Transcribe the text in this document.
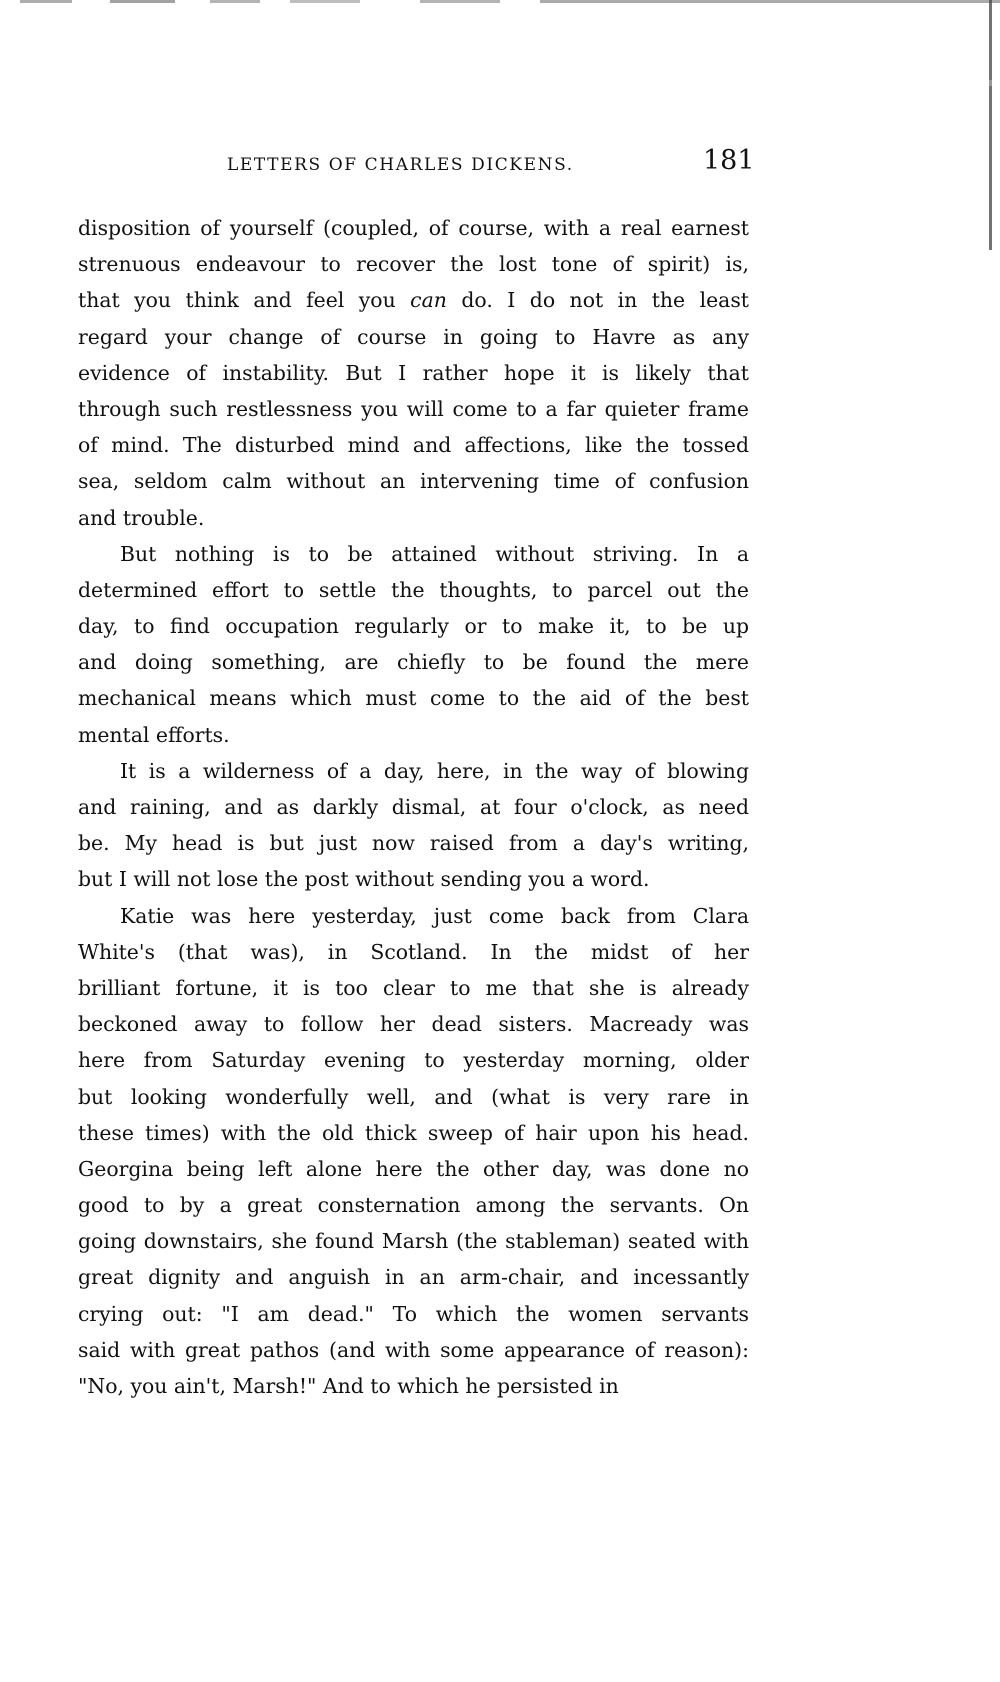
LETTERS OF CHARLES DICKENS.	181

disposition of yourself (coupled, of course, with a real earnest
strenuous endeavour to recover the lost tone of spirit) is,
that you think and feel you can do. I do not in the least
regard your change of course in going to Havre as any
evidence of instability. But I rather hope it is likely that
through such restlessness you will come to a far quieter frame
of mind. The disturbed mind and affections, like the tossed
sea, seldom calm without an intervening time of confusion
and trouble.

But nothing is to be attained without striving. In a
determined effort to settle the thoughts, to parcel out the
day, to find occupation regularly or to make it, to be up
and doing something, are chiefly to be found the mere
mechanical means which must come to the aid of the best
mental efforts.

It is a wilderness of a day, here, in the way of blowing
and raining, and as darkly dismal, at four o'clock, as need
be. My head is but just now raised from a day's writing,
but I will not lose the post without sending you a word.

Katie was here yesterday, just come back from Clara
White's (that was), in Scotland. In the midst of her
brilliant fortune, it is too clear to me that she is already
beckoned away to follow her dead sisters. Macready was
here from Saturday evening to yesterday morning, older
but looking wonderfully well, and (what is very rare in
these times) with the old thick sweep of hair upon his head.
Georgina being left alone here the other day, was done no
good to by a great consternation among the servants. On
going downstairs, she found Marsh (the stableman) seated with
great dignity and anguish in an arm-chair, and incessantly
crying out: "I am dead." To which the women servants
said with great pathos (and with some appearance of reason):
"No, you ain't, Marsh!" And to which he persisted in
